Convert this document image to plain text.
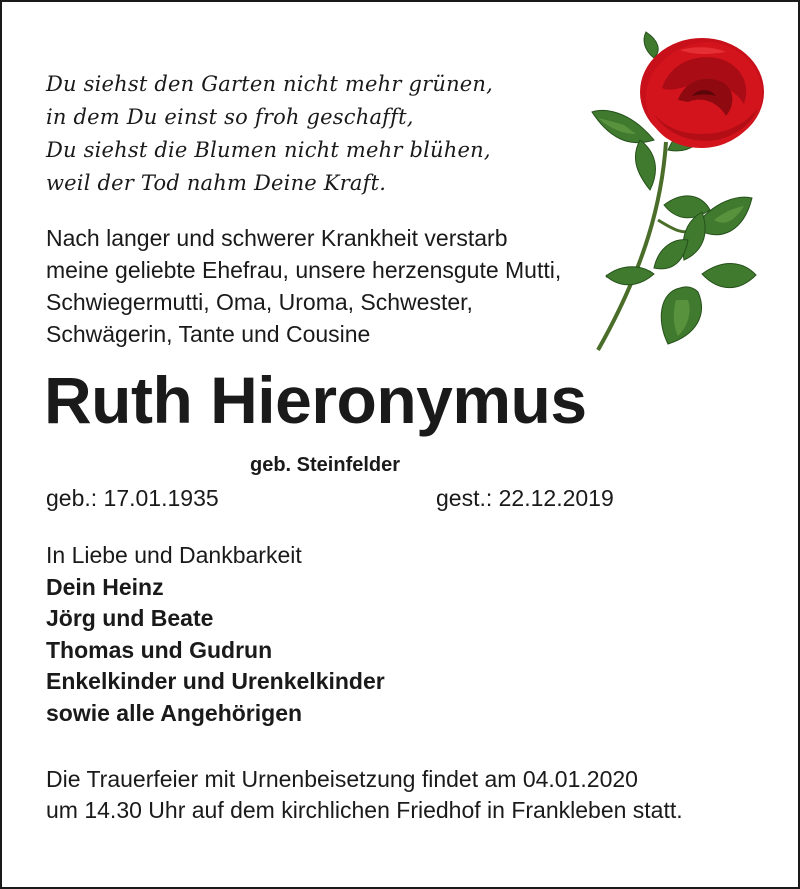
Du siehst den Garten nicht mehr grünen,
in dem Du einst so froh geschafft,
Du siehst die Blumen nicht mehr blühen,
weil der Tod nahm Deine Kraft.
Nach langer und schwerer Krankheit verstarb
meine geliebte Ehefrau, unsere herzensgute Mutti,
Schwiegermutti, Oma, Uroma, Schwester,
Schwägerin, Tante und Cousine
Ruth Hieronymus
geb. Steinfelder
geb.: 17.01.1935	gest.: 22.12.2019
In Liebe und Dankbarkeit
Dein Heinz
Jörg und Beate
Thomas und Gudrun
Enkelkinder und Urenkelkinder
sowie alle Angehörigen
Die Trauerfeier mit Urnenbeisetzung findet am 04.01.2020
um 14.30 Uhr auf dem kirchlichen Friedhof in Frankleben statt.
